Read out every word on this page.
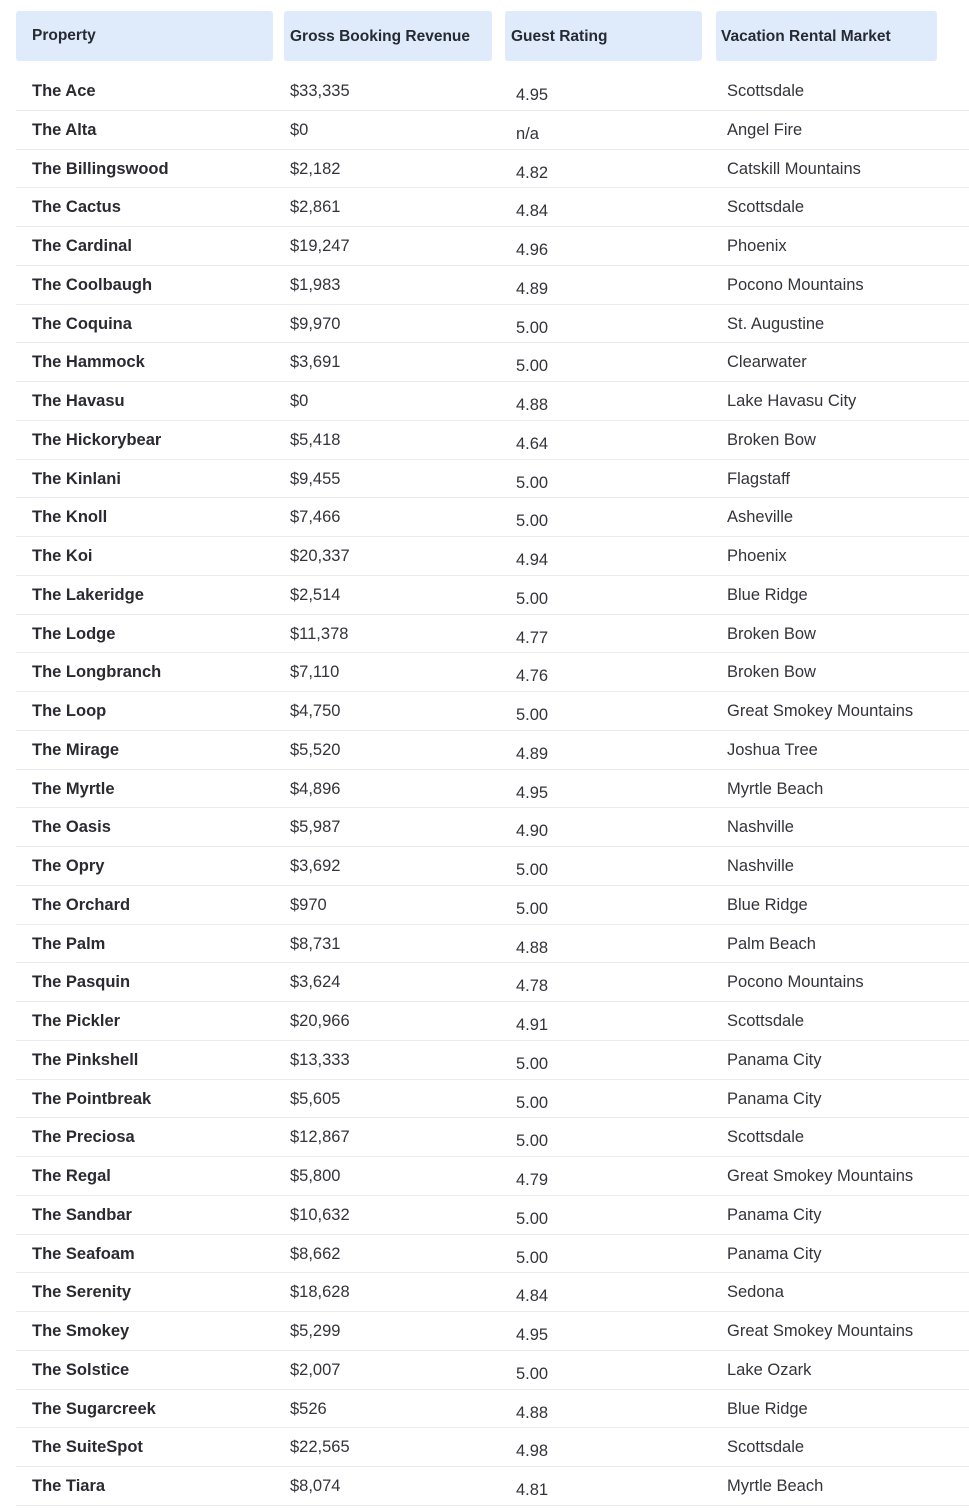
Property	Gross Booking Revenue	Guest Rating	Vacation Rental Market
The Ace	$33,335	4.95	Scottsdale
The Alta	$0	n/a	Angel Fire
The Billingswood	$2,182	4.82	Catskill Mountains
The Cactus	$2,861	4.84	Scottsdale
The Cardinal	$19,247	4.96	Phoenix
The Coolbaugh	$1,983	4.89	Pocono Mountains
The Coquina	$9,970	5.00	St. Augustine
The Hammock	$3,691	5.00	Clearwater
The Havasu	$0	4.88	Lake Havasu City
The Hickorybear	$5,418	4.64	Broken Bow
The Kinlani	$9,455	5.00	Flagstaff
The Knoll	$7,466	5.00	Asheville
The Koi	$20,337	4.94	Phoenix
The Lakeridge	$2,514	5.00	Blue Ridge
The Lodge	$11,378	4.77	Broken Bow
The Longbranch	$7,110	4.76	Broken Bow
The Loop	$4,750	5.00	Great Smokey Mountains
The Mirage	$5,520	4.89	Joshua Tree
The Myrtle	$4,896	4.95	Myrtle Beach
The Oasis	$5,987	4.90	Nashville
The Opry	$3,692	5.00	Nashville
The Orchard	$970	5.00	Blue Ridge
The Palm	$8,731	4.88	Palm Beach
The Pasquin	$3,624	4.78	Pocono Mountains
The Pickler	$20,966	4.91	Scottsdale
The Pinkshell	$13,333	5.00	Panama City
The Pointbreak	$5,605	5.00	Panama City
The Preciosa	$12,867	5.00	Scottsdale
The Regal	$5,800	4.79	Great Smokey Mountains
The Sandbar	$10,632	5.00	Panama City
The Seafoam	$8,662	5.00	Panama City
The Serenity	$18,628	4.84	Sedona
The Smokey	$5,299	4.95	Great Smokey Mountains
The Solstice	$2,007	5.00	Lake Ozark
The Sugarcreek	$526	4.88	Blue Ridge
The SuiteSpot	$22,565	4.98	Scottsdale
The Tiara	$8,074	4.81	Myrtle Beach
